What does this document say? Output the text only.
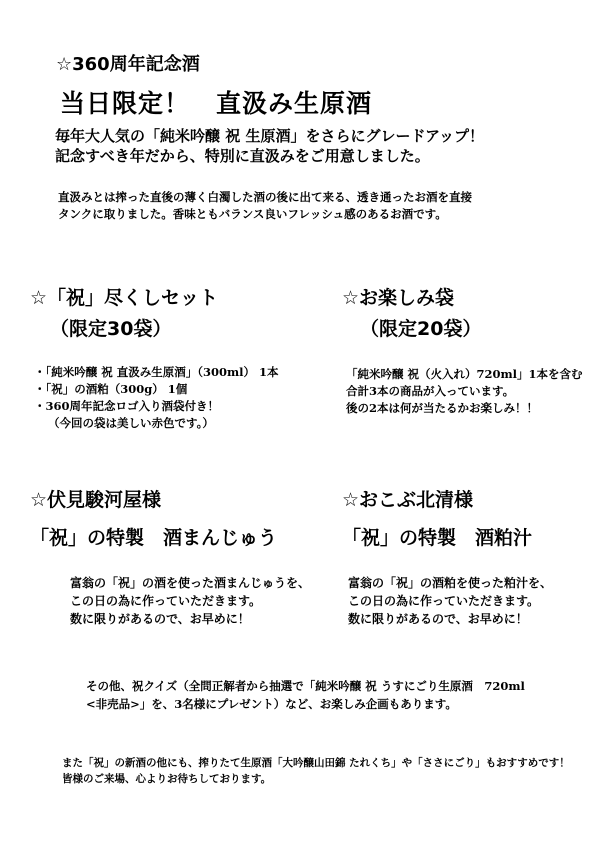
☆360周年記念酒
当日限定！　直汲み生原酒
毎年大人気の「純米吟醸 祝 生原酒」をさらにグレードアップ！
記念すべき年だから、特別に直汲みをご用意しました。
直汲みとは搾った直後の薄く白濁した酒の後に出て来る、透き通ったお酒を直接
タンクに取りました。香味ともバランス良いフレッシュ感のあるお酒です。
☆「祝」尽くしセット
（限定30袋）
・「純米吟醸 祝 直汲み生原酒」（300ml） 1本
・「祝」の酒粕（300g） 1個
・360周年記念ロゴ入り酒袋付き！
（今回の袋は美しい赤色です。）
☆お楽しみ袋
（限定20袋）
「純米吟醸 祝（火入れ）720ml」1本を含む
合計3本の商品が入っています。
後の2本は何が当たるかお楽しみ！！
☆伏見駿河屋様
「祝」の特製　酒まんじゅう
富翁の「祝」の酒を使った酒まんじゅうを、
この日の為に作っていただきます。
数に限りがあるので、お早めに！
☆おこぶ北清様
「祝」の特製　酒粕汁
富翁の「祝」の酒粕を使った粕汁を、
この日の為に作っていただきます。
数に限りがあるので、お早めに！
その他、祝クイズ（全問正解者から抽選で「純米吟醸 祝 うすにごり生原酒　720ml
<非売品>」を、3名様にプレゼント）など、お楽しみ企画もあります。
また「祝」の新酒の他にも、搾りたて生原酒「大吟醸山田錦 たれくち」や「ささにごり」もおすすめです！
皆様のご来場、心よりお待ちしております。
